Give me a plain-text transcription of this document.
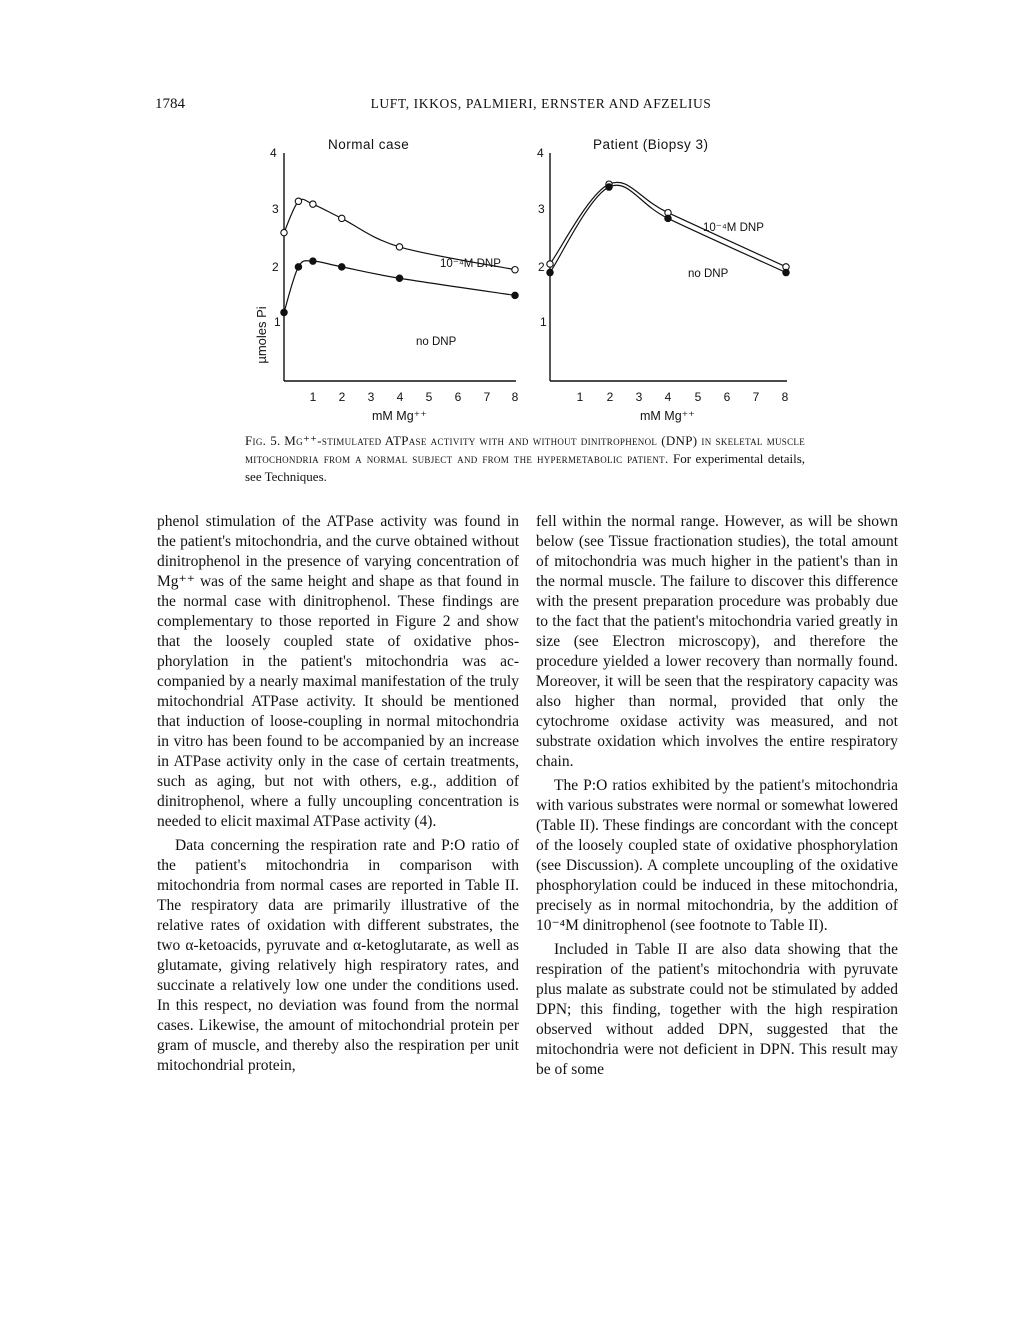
1784	LUFT, IKKOS, PALMIERI, ERNSTER AND AFZELIUS
µmoles Pi
Normal case
4
3
2
1
1 2 3 4 5 6 7 8
mM Mg⁺⁺
10⁻⁴M DNP
no DNP
Patient (Biopsy 3)
4
3
2
1
1 2 3 4 5 6 7 8
mM Mg⁺⁺
10⁻⁴M DNP
no DNP
Fig. 5. Mg⁺⁺-stimulated ATPase activity with and without dinitrophenol (DNP) in skeletal muscle mitochondria from a normal subject and from the hypermetabolic patient. For experimental details, see Techniques.

phenol stimulation of the ATPase activity was found in the patient's mitochondria, and the curve obtained without dinitrophenol in the presence of varying concentration of Mg⁺⁺ was of the same height and shape as that found in the normal case with dinitrophenol. These findings are complementary to those reported in Figure 2 and show that the loosely coupled state of oxidative phosphorylation in the patient's mitochondria was accompanied by a nearly maximal manifestation of the truly mitochondrial ATPase activity. It should be mentioned that induction of loose-coupling in normal mitochondria in vitro has been found to be accompanied by an increase in ATPase activity only in the case of certain treatments, such as aging, but not with others, e.g., addition of dinitrophenol, where a fully uncoupling concentration is needed to elicit maximal ATPase activity (4).

Data concerning the respiration rate and P:O ratio of the patient's mitochondria in comparison with mitochondria from normal cases are reported in Table II. The respiratory data are primarily illustrative of the relative rates of oxidation with different substrates, the two α-ketoacids, pyruvate and α-ketoglutarate, as well as glutamate, giving relatively high respiratory rates, and succinate a relatively low one under the conditions used. In this respect, no deviation was found from the normal cases. Likewise, the amount of mitochondrial protein per gram of muscle, and thereby also the respiration per unit mitochondrial protein,

fell within the normal range. However, as will be shown below (see Tissue fractionation studies), the total amount of mitochondria was much higher in the patient's than in the normal muscle. The failure to discover this difference with the present preparation procedure was probably due to the fact that the patient's mitochondria varied greatly in size (see Electron microscopy), and therefore the procedure yielded a lower recovery than normally found. Moreover, it will be seen that the respiratory capacity was also higher than normal, provided that only the cytochrome oxidase activity was measured, and not substrate oxidation which involves the entire respiratory chain.

The P:O ratios exhibited by the patient's mitochondria with various substrates were normal or somewhat lowered (Table II). These findings are concordant with the concept of the loosely coupled state of oxidative phosphorylation (see Discussion). A complete uncoupling of the oxidative phosphorylation could be induced in these mitochondria, precisely as in normal mitochondria, by the addition of 10⁻⁴M dinitrophenol (see footnote to Table II).

Included in Table II are also data showing that the respiration of the patient's mitochondria with pyruvate plus malate as substrate could not be stimulated by added DPN; this finding, together with the high respiration observed without added DPN, suggested that the mitochondria were not deficient in DPN. This result may be of some
